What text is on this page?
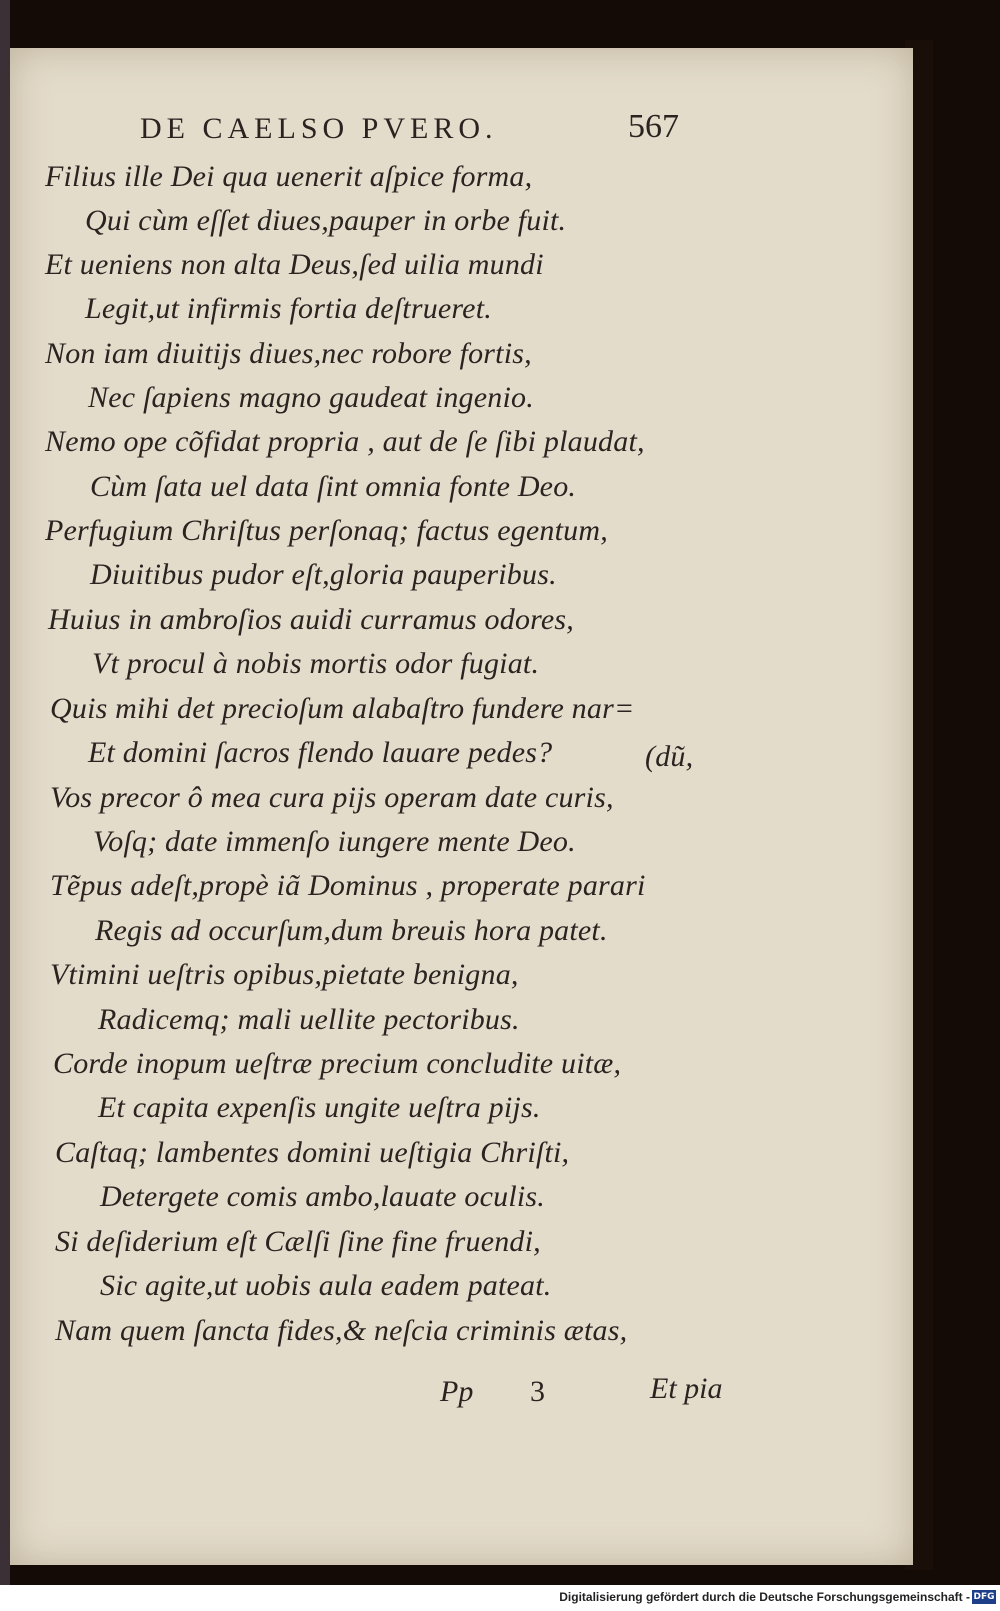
DE CAELSO PVERO.	567
Filius ille Dei qua uenerit aſpice forma,
Qui cùm eſſet diues,pauper in orbe fuit.
Et ueniens non alta Deus,ſed uilia mundi
Legit,ut infirmis fortia deſtrueret.
Non iam diuitijs diues,nec robore fortis,
Nec ſapiens magno gaudeat ingenio.
Nemo ope cõfidat propria , aut de ſe ſibi plaudat,
Cùm ſata uel data ſint omnia fonte Deo.
Perfugium Chriſtus perſonaq; factus egentum,
Diuitibus pudor eſt,gloria pauperibus.
Huius in ambroſios auidi curramus odores,
Vt procul à nobis mortis odor fugiat.
Quis mihi det precioſum alabaſtro fundere nar=
Et domini ſacros flendo lauare pedes?	(dũ,
Vos precor ô mea cura pijs operam date curis,
Voſq; date immenſo iungere mente Deo.
Tẽpus adeſt,propè iã Dominus , properate parari
Regis ad occurſum,dum breuis hora patet.
Vtimini ueſtris opibus,pietate benigna,
Radicemq; mali uellite pectoribus.
Corde inopum ueſtræ precium concludite uitæ,
Et capita expenſis ungite ueſtra pijs.
Caſtaq; lambentes domini ueſtigia Chriſti,
Detergete comis ambo,lauate oculis.
Si deſiderium eſt Cælſi ſine fine fruendi,
Sic agite,ut uobis aula eadem pateat.
Nam quem ſancta fides,& neſcia criminis ætas,
Pp 3	Et pia
Digitalisierung gefördert durch die Deutsche Forschungsgemeinschaft - DFG
